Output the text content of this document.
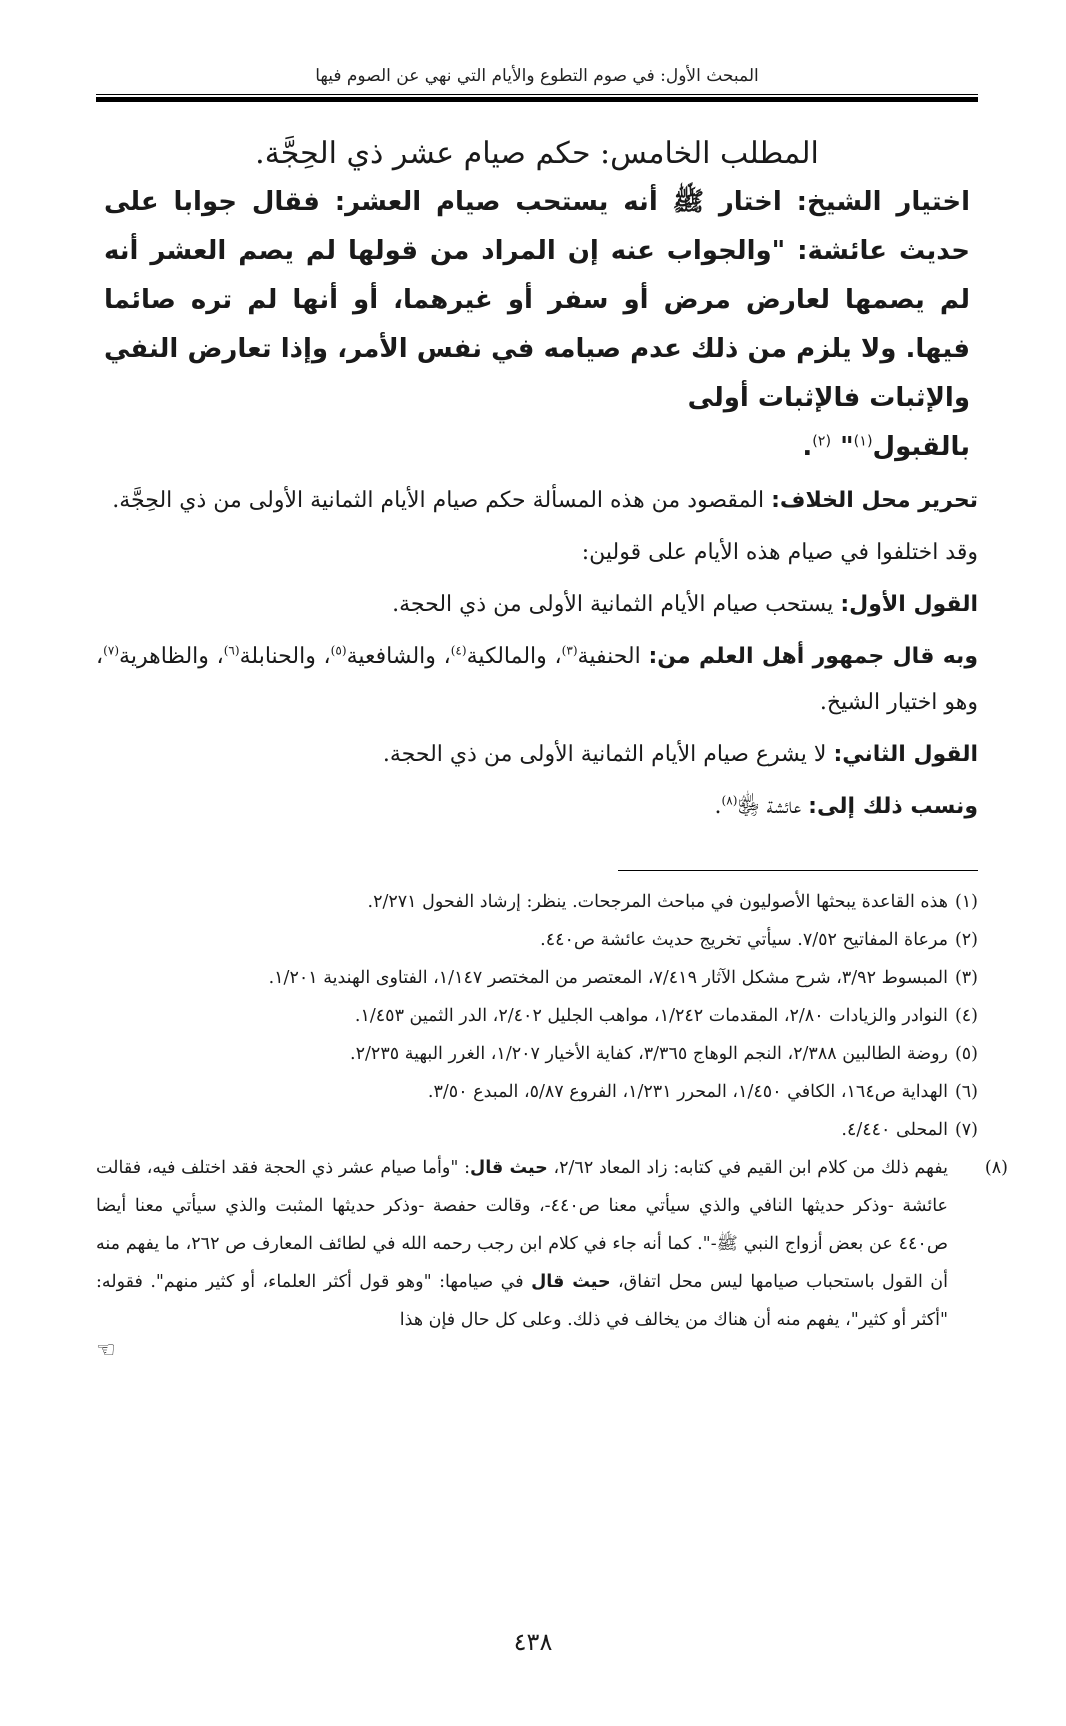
المبحث الأول: في صوم التطوع والأيام التي نهي عن الصوم فيها
المطلب الخامس: حكم صيام عشر ذي الحِجَّة.
اختيار الشيخ: اختار ﷺ أنه يستحب صيام العشر: فقال جوابا على حديث عائشة: "والجواب عنه إن المراد من قولها لم يصم العشر أنه لم يصمها لعارض مرض أو سفر أو غيرهما، أو أنها لم تره صائما فيها. ولا يلزم من ذلك عدم صيامه في نفس الأمر، وإذا تعارض النفي والإثبات فالإثبات أولى
بالقبول$^{(١)}$" $^{(٢)}$.
تحرير محل الخلاف: المقصود من هذه المسألة حكم صيام الأيام الثمانية الأولى من ذي الحِجَّة.
وقد اختلفوا في صيام هذه الأيام على قولين:
القول الأول: يستحب صيام الأيام الثمانية الأولى من ذي الحجة.
وبه قال جمهور أهل العلم من: الحنفية$^{(٣)}$، والمالكية$^{(٤)}$، والشافعية$^{(٥)}$، والحنابلة$^{(٦)}$، والظاهرية$^{(٧)}$، وهو اختيار الشيخ.
القول الثاني: لا يشرع صيام الأيام الثمانية الأولى من ذي الحجة.
ونسب ذلك إلى: عائشة ﵂$^{(٨)}$.
(١)هذه القاعدة يبحثها الأصوليون في مباحث المرجحات. ينظر: إرشاد الفحول ٢/٢٧١.
(٢)مرعاة المفاتيح ٧/٥٢. سيأتي تخريج حديث عائشة ص٤٤٠.
(٣)المبسوط ٣/٩٢، شرح مشكل الآثار ٧/٤١٩، المعتصر من المختصر ١/١٤٧، الفتاوى الهندية ١/٢٠١.
(٤)النوادر والزيادات ٢/٨٠، المقدمات ١/٢٤٢، مواهب الجليل ٢/٤٠٢، الدر الثمين ١/٤٥٣.
(٥)روضة الطالبين ٢/٣٨٨، النجم الوهاج ٣/٣٦٥، كفاية الأخيار ١/٢٠٧، الغرر البهية ٢/٢٣٥.
(٦)الهداية ص١٦٤، الكافي ١/٤٥٠، المحرر ١/٢٣١، الفروع ٥/٨٧، المبدع ٣/٥٠.
(٧)المحلى ٤/٤٤٠.
(٨)يفهم ذلك من كلام ابن القيم في كتابه: زاد المعاد ٢/٦٢، حيث قال: "وأما صيام عشر ذي الحجة فقد اختلف فيه، فقالت عائشة -وذكر حديثها النافي والذي سيأتي معنا ص٤٤٠-، وقالت حفصة -وذكر حديثها المثبت والذي سيأتي معنا أيضا ص٤٤٠ عن بعض أزواج النبي ﷺ-". كما أنه جاء في كلام ابن رجب رحمه الله في لطائف المعارف ص ٢٦٢، ما يفهم منه أن القول باستحباب صيامها ليس محل اتفاق، حيث قال في صيامها: "وهو قول أكثر العلماء، أو كثير منهم". فقوله: "أكثر أو كثير"، يفهم منه أن هناك من يخالف في ذلك. وعلى كل حال فإن هذا
☜
٤٣٨
